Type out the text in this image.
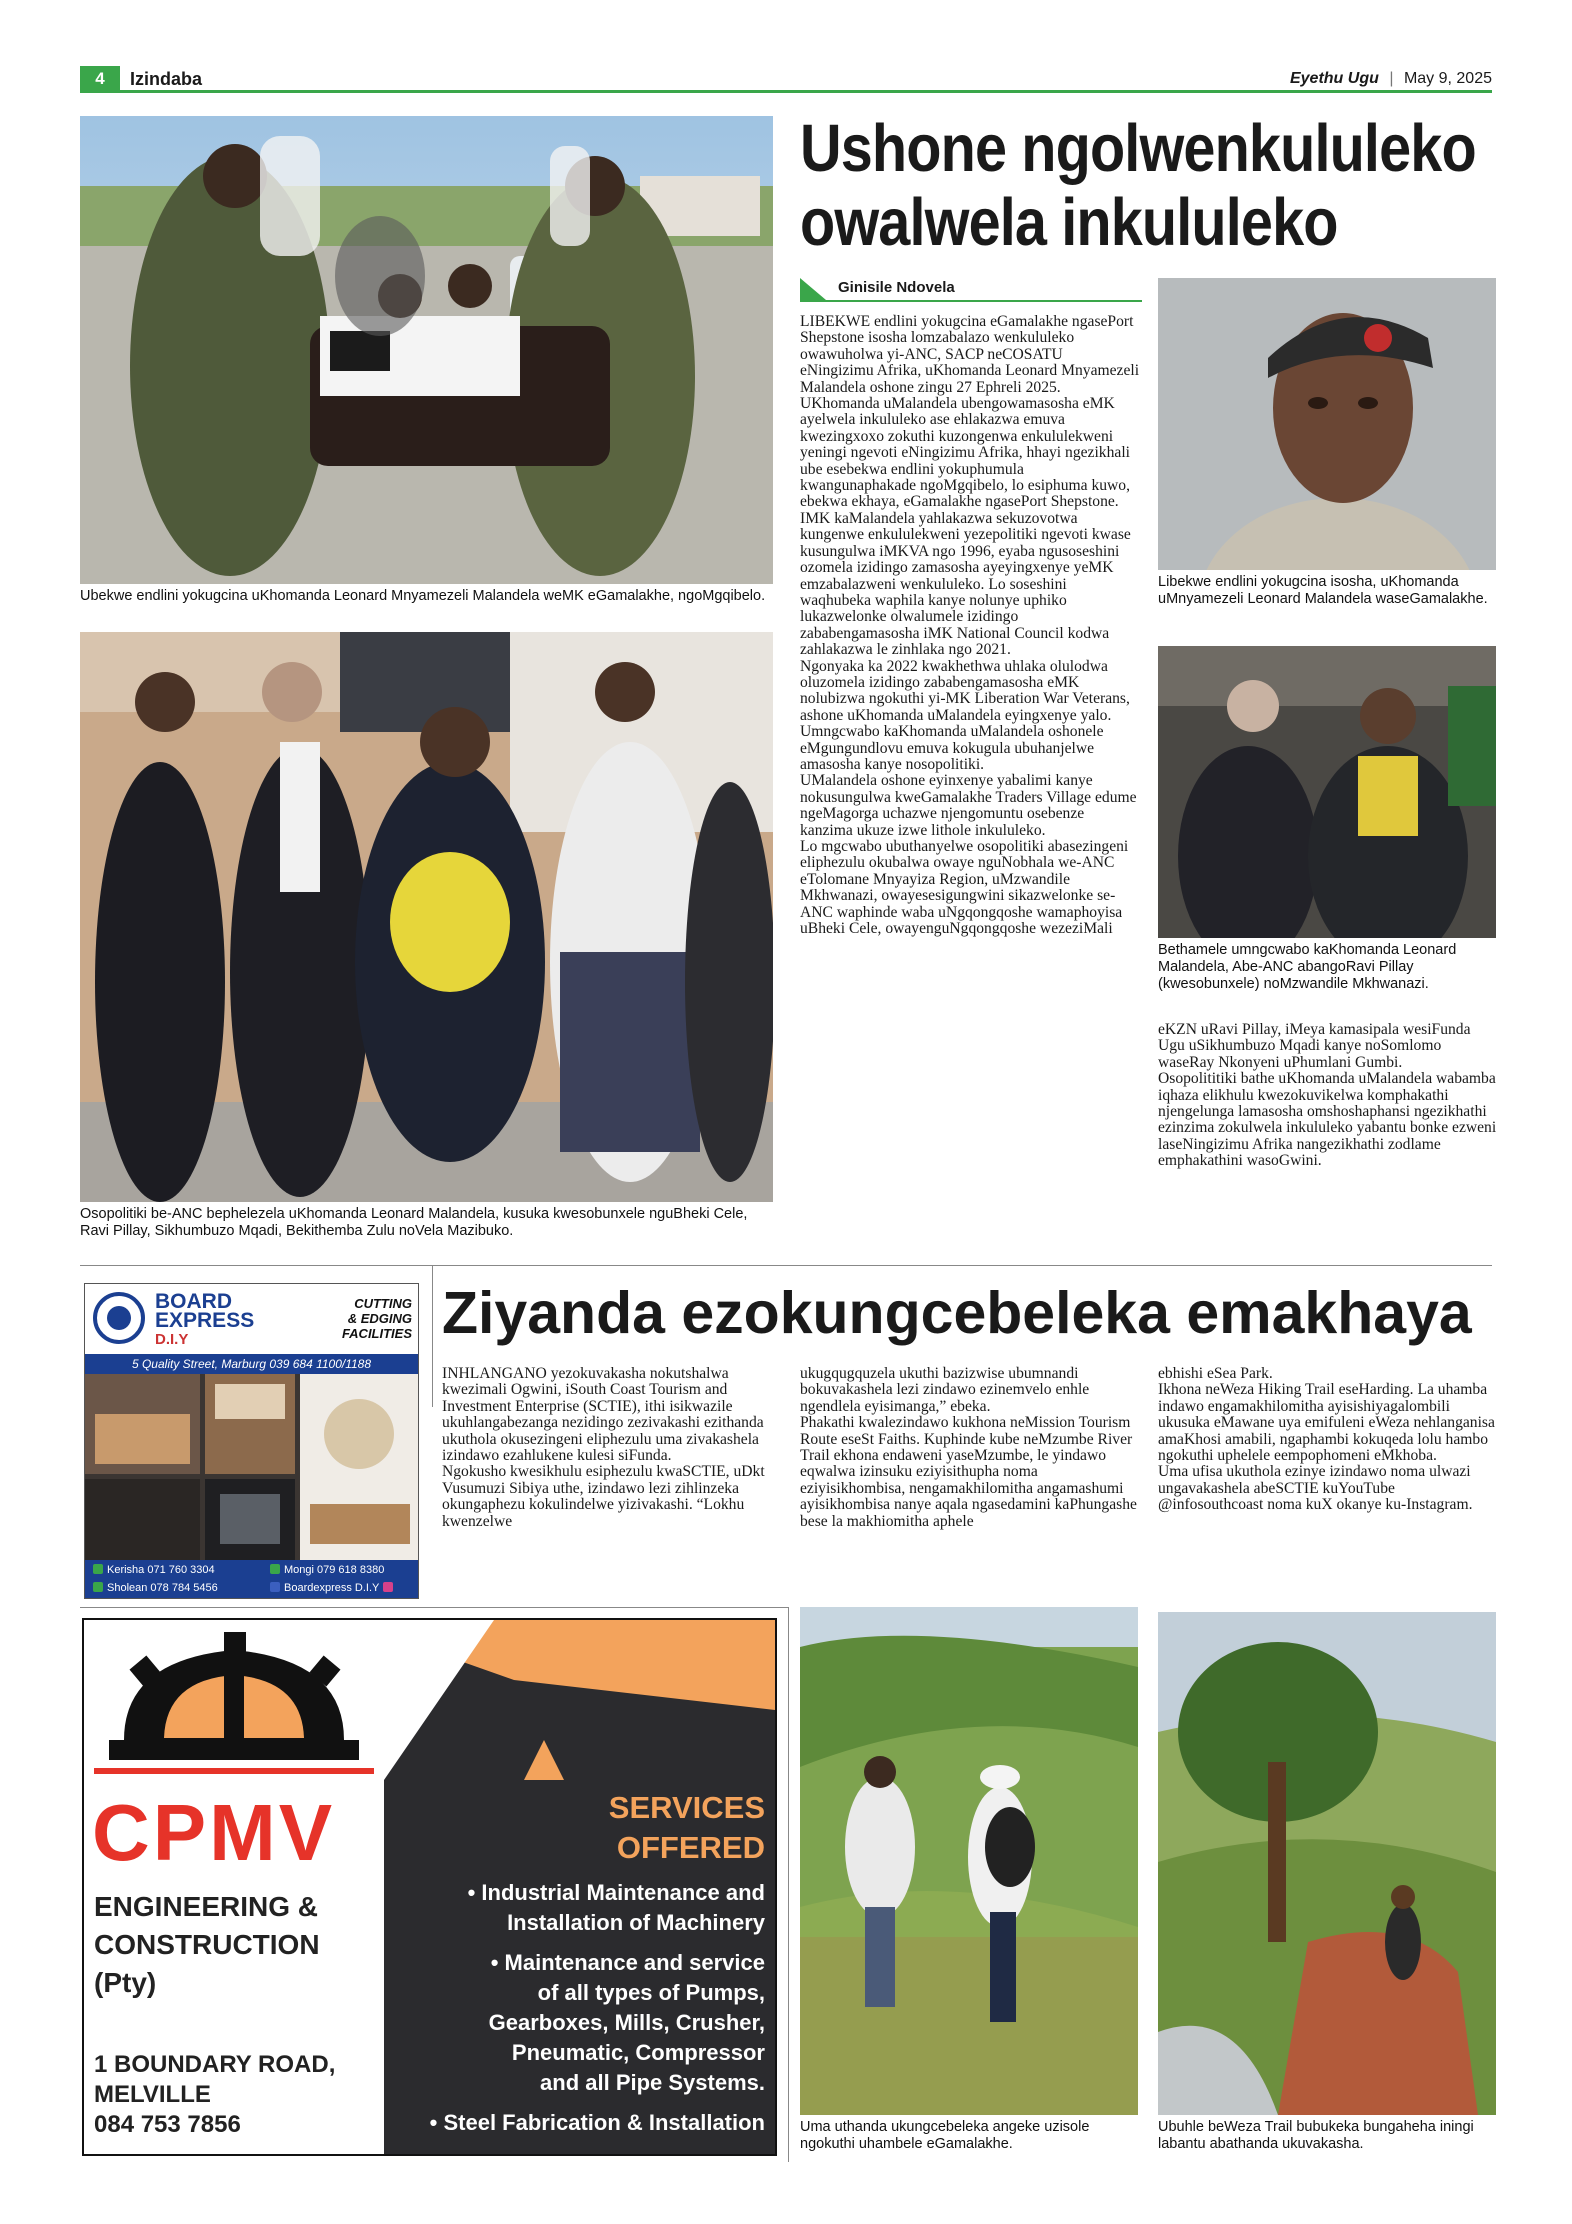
4	Izindaba	Eyethu Ugu | May 9, 2025
Ubekwe endlini yokugcina uKhomanda Leonard Mnyamezeli Malandela weMK eGamalakhe, ngoMgqibelo.
Osopolitiki be-ANC bephelezela uKhomanda Leonard Malandela, kusuka kwesobunxele nguBheki Cele, Ravi Pillay, Sikhumbuzo Mqadi, Bekithemba Zulu noVela Mazibuko.
Ushone ngolwenkululeko
owalwela inkululeko
Ginisile Ndovela

LIBEKWE endlini yokugcina eGamalakhe ngasePort Shepstone isosha lomzabalazo wenkululeko owawuholwa yi-ANC, SACP neCOSATU eNingizimu Afrika, uKhomanda Leonard Mnyamezeli Malandela oshone zingu 27 Ephreli 2025.

UKhomanda uMalandela ubengowamasosha eMK ayelwela inkululeko ase ehlakazwa emuva kwezingxoxo zokuthi kuzongenwa enkululekweni yeningi ngevoti eNingizimu Afrika, hhayi ngezikhali ube esebekwa endlini yokuphumula kwangunaphakade ngoMgqibelo, lo esiphuma kuwo, ebekwa ekhaya, eGamalakhe ngasePort Shepstone.

IMK kaMalandela yahlakazwa sekuzovotwa kungenwe enkululekweni yezepolitiki ngevoti kwase kusungulwa iMKVA ngo 1996, eyaba ngusoseshini ozomela izidingo zamasosha ayeyingxenye yeMK emzabalazweni wenkululeko. Lo soseshini waqhubeka waphila kanye nolunye uphiko lukazwelonke olwalumele izidingo zababengamasosha iMK National Council kodwa zahlakazwa le zinhlaka ngo 2021.

Ngonyaka ka 2022 kwakhethwa uhlaka olulodwa oluzomela izidingo zababengamasosha eMK nolubizwa ngokuthi yi-MK Liberation War Veterans, ashone uKhomanda uMalandela eyingxenye yalo.

Umngcwabo kaKhomanda uMalandela oshonele eMgungundlovu emuva kokugula ubuhanjelwe amasosha kanye nosopolitiki.

UMalandela oshone eyinxenye yabalimi kanye nokusungulwa kweGamalakhe Traders Village edume ngeMagorga uchazwe njengomuntu osebenze kanzima ukuze izwe lithole inkululeko.

Lo mgcwabo ubuthanyelwe osopolitiki abasezingeni eliphezulu okubalwa owaye nguNobhala we-ANC eTolomane Mnyayiza Region, uMzwandile Mkhwanazi, owayesesigungwini sikazwelonke se-ANC waphinde waba uNgqongqoshe wamaphoyisa uBheki Cele, owayenguNgqongqoshe wezeziMali

Libekwe endlini yokugcina isosha, uKhomanda uMnyamezeli Leonard Malandela waseGamalakhe.
Bethamele umngcwabo kaKhomanda Leonard Malandela, Abe-ANC abangoRavi Pillay (kwesobunxele) noMzwandile Mkhwanazi.

eKZN uRavi Pillay, iMeya kamasipala wesiFunda Ugu uSikhumbuzo Mqadi kanye noSomlomo waseRay Nkonyeni uPhumlani Gumbi.

Osopolititiki bathe uKhomanda uMalandela wabamba iqhaza elikhulu kwezokuvikelwa komphakathi njengelunga lamasosha omshoshaphansi ngezikhathi ezinzima zokulwela inkululeko yabantu bonke ezweni laseNingizimu Afrika nangezikhathi zodlame emphakathini wasoGwini.

BOARD
EXPRESS
D.I.Y
CUTTING
& EDGING
FACILITIES
5 Quality Street, Marburg 039 684 1100/1188
Kerisha 071 760 3304	Mongi 079 618 8380
Sholean 078 784 5456	Boardexpress D.I.Y
Ziyanda ezokungcebeleka emakhaya

INHLANGANO yezokuvakasha nokutshalwa kwezimali Ogwini, iSouth Coast Tourism and Investment Enterprise (SCTIE), ithi isikwazile ukuhlangabezanga nezidingo zezivakashi ezithanda ukuthola okusezingeni eliphezulu uma zivakashela izindawo ezahlukene kulesi siFunda.

Ngokusho kwesikhulu esiphezulu kwaSCTIE, uDkt Vusumuzi Sibiya uthe, izindawo lezi zihlinzeka okungaphezu kokulindelwe yizivakashi. “Lokhu kwenzelwe

ukugqugquzela ukuthi bazizwise ubumnandi bokuvakashela lezi zindawo ezinemvelo enhle ngendlela eyisimanga,” ebeka.

Phakathi kwalezindawo kukhona neMission Tourism Route eseSt Faiths. Kuphinde kube neMzumbe River Trail ekhona endaweni yaseMzumbe, le yindawo eqwalwa izinsuku eziyisithupha noma eziyisikhombisa, nengamakhilomitha angamashumi ayisikhombisa nanye aqala ngasedamini kaPhungashe bese la makhiomitha aphele

ebhishi eSea Park.

Ikhona neWeza Hiking Trail eseHarding. La uhamba indawo engamakhilomitha ayisishiyagalombili ukusuka eMawane uya emifuleni eWeza nehlanganisa amaKhosi amabili, ngaphambi kokuqeda lolu hambo ngokuthi uphelele eempophomeni eMkhoba.

Uma ufisa ukuthola ezinye izindawo noma ulwazi ungavakashela abeSCTIE kuYouTube @infosouthcoast noma kuX okanye ku-Instagram.

CPMV
ENGINEERING &
CONSTRUCTION
(Pty)
1 BOUNDARY ROAD,
MELVILLE
084 753 7856
SERVICES
OFFERED
• Industrial Maintenance and
Installation of Machinery
• Maintenance and service
of all types of Pumps,
Gearboxes, Mills, Crusher,
Pneumatic, Compressor
and all Pipe Systems.
• Steel Fabrication & Installation Uma uthanda ukungcebeleka angeke uzisole ngokuthi uhambele eGamalakhe.
Ubuhle beWeza Trail bubukeka bungaheha iningi labantu abathanda ukuvakasha.
